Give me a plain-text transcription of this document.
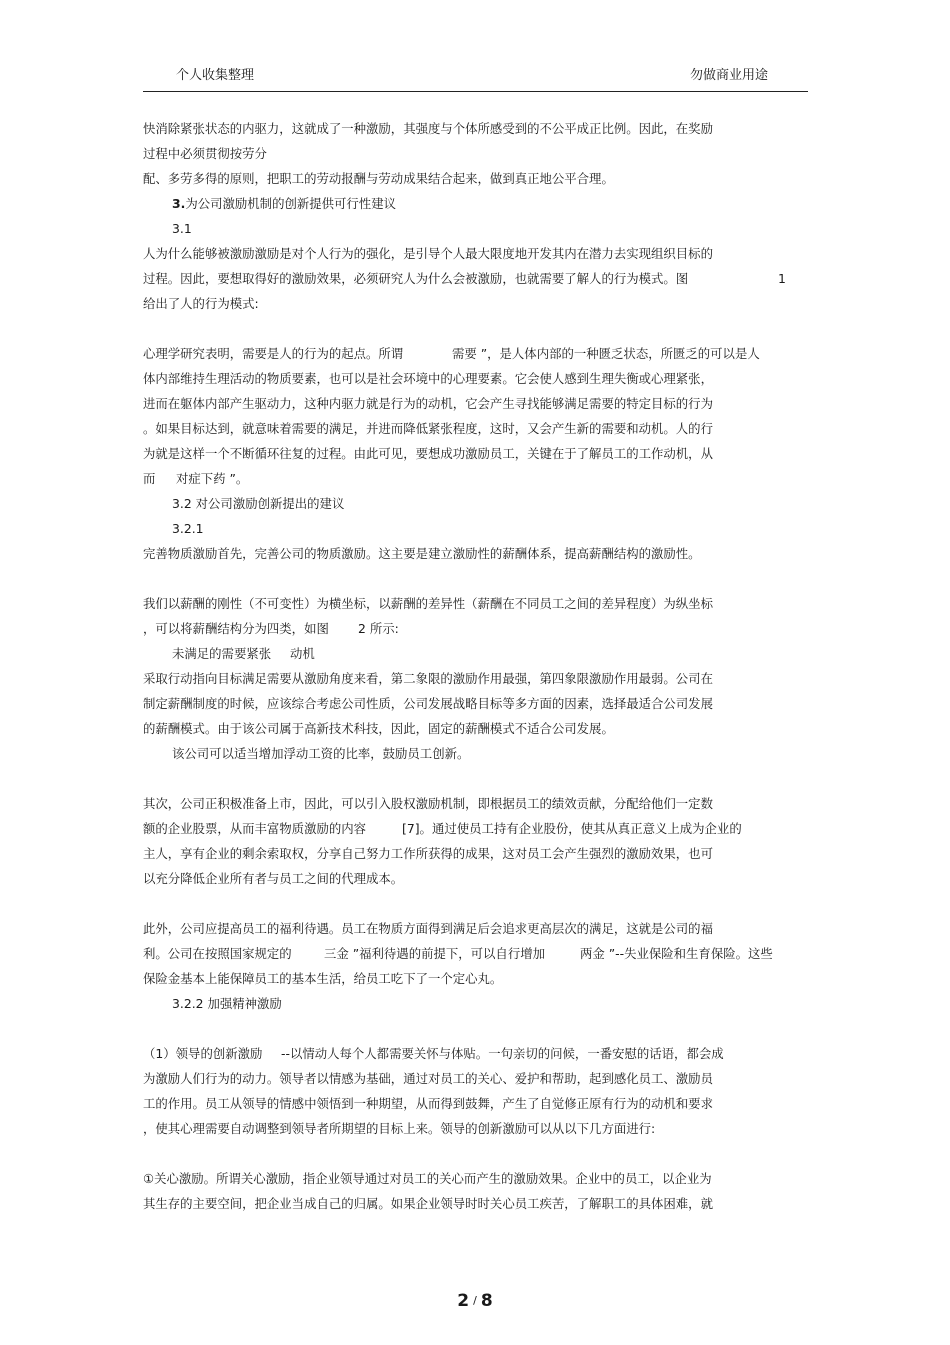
个人收集整理	勿做商业用途
快消除紧张状态的内驱力，这就成了一种激励，其强度与个体所感受到的不公平成正比例。因此，在奖励
过程中必须贯彻按劳分
配、多劳多得的原则，把职工的劳动报酬与劳动成果结合起来，做到真正地公平合理。
3.为公司激励机制的创新提供可行性建议
3.1
人为什么能够被激励激励是对个人行为的强化，是引导个人最大限度地开发其内在潜力去实现组织目标的
过程。因此，要想取得好的激励效果，必须研究人为什么会被激励，也就需要了解人的行为模式。图	1
给出了人的行为模式:
心理学研究表明，需要是人的行为的起点。所谓	需要 ”，是人体内部的一种匮乏状态，所匮乏的可以是人
体内部维持生理活动的物质要素，也可以是社会环境中的心理要素。它会使人感到生理失衡或心理紧张，
进而在躯体内部产生驱动力，这种内驱力就是行为的动机，它会产生寻找能够满足需要的特定目标的行为
。如果目标达到，就意味着需要的满足，并进而降低紧张程度，这时，又会产生新的需要和动机。人的行
为就是这样一个不断循环往复的过程。由此可见，要想成功激励员工，关键在于了解员工的工作动机，从
而 对症下药 ”。
3.2 对公司激励创新提出的建议
3.2.1
完善物质激励首先，完善公司的物质激励。这主要是建立激励性的薪酬体系，提高薪酬结构的激励性。
我们以薪酬的刚性（不可变性）为横坐标，以薪酬的差异性（薪酬在不同员工之间的差异程度）为纵坐标
，可以将薪酬结构分为四类，如图 2 所示:
未满足的需要紧张 动机
采取行动指向目标满足需要从激励角度来看，第二象限的激励作用最强，第四象限激励作用最弱。公司在
制定薪酬制度的时候，应该综合考虑公司性质，公司发展战略目标等多方面的因素，选择最适合公司发展
的薪酬模式。由于该公司属于高新技术科技，因此，固定的薪酬模式不适合公司发展。
该公司可以适当增加浮动工资的比率，鼓励员工创新。
其次，公司正积极准备上市，因此，可以引入股权激励机制，即根据员工的绩效贡献，分配给他们一定数
额的企业股票，从而丰富物质激励的内容	[7]。通过使员工持有企业股份，使其从真正意义上成为企业的
主人，享有企业的剩余索取权，分享自己努力工作所获得的成果，这对员工会产生强烈的激励效果，也可
以充分降低企业所有者与员工之间的代理成本。
此外，公司应提高员工的福利待遇。员工在物质方面得到满足后会追求更高层次的满足，这就是公司的福
利。公司在按照国家规定的	三金 ”福利待遇的前提下，可以自行增加	两金 ”--失业保险和生育保险。这些
保险金基本上能保障员工的基本生活，给员工吃下了一个定心丸。
3.2.2 加强精神激励
（1）领导的创新激励 --以情动人每个人都需要关怀与体贴。一句亲切的问候，一番安慰的话语，都会成
为激励人们行为的动力。领导者以情感为基础，通过对员工的关心、爱护和帮助，起到感化员工、激励员
工的作用。员工从领导的情感中领悟到一种期望，从而得到鼓舞，产生了自觉修正原有行为的动机和要求
，使其心理需要自动调整到领导者所期望的目标上来。领导的创新激励可以从以下几方面进行:
①关心激励。所谓关心激励，指企业领导通过对员工的关心而产生的激励效果。企业中的员工，以企业为
其生存的主要空间，把企业当成自己的归属。如果企业领导时时关心员工疾苦，了解职工的具体困难，就
2 / 8
